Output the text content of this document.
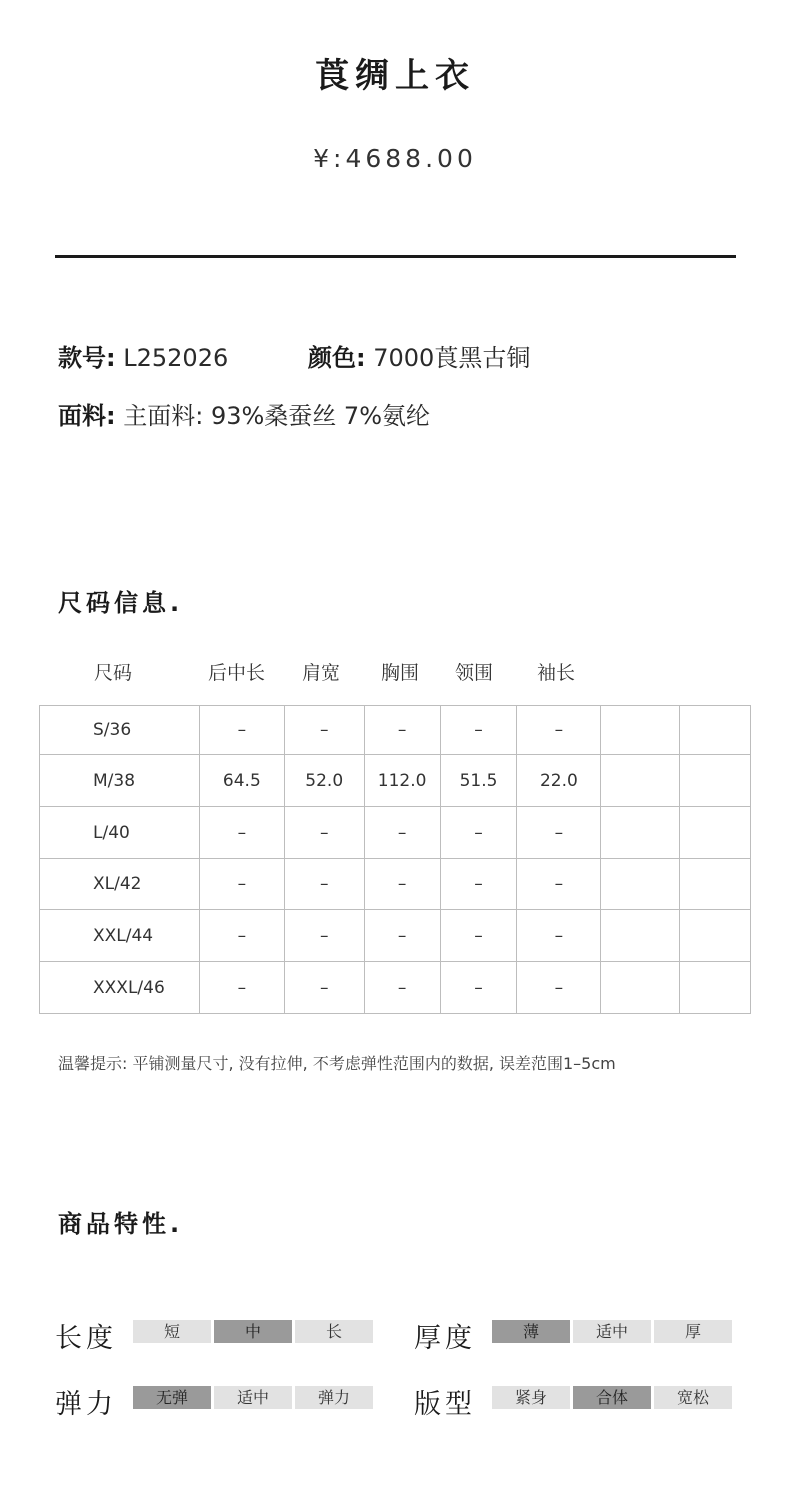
莨绸上衣
¥:4688.00
款号: L252026	颜色: 7000莨黑古铜
面料: 主面料: 93%桑蚕丝 7%氨纶
尺码信息.
尺码	后中长 肩宽 胸围 领围 袖长
S/36	–	–	–	–	–		
M/38	64.5	52.0	112.0	51.5	22.0		
L/40	–	–	–	–	–		
XL/42	–	–	–	–	–		
XXL/44	–	–	–	–	–		
XXXL/46	–	–	–	–	–		
温馨提示: 平铺测量尺寸, 没有拉伸, 不考虑弹性范围内的数据, 误差范围1–5cm
商品特性.
长度	短	中	长	厚度	薄	适中	厚
弹力	无弹	适中	弹力	版型	紧身	合体	宽松
